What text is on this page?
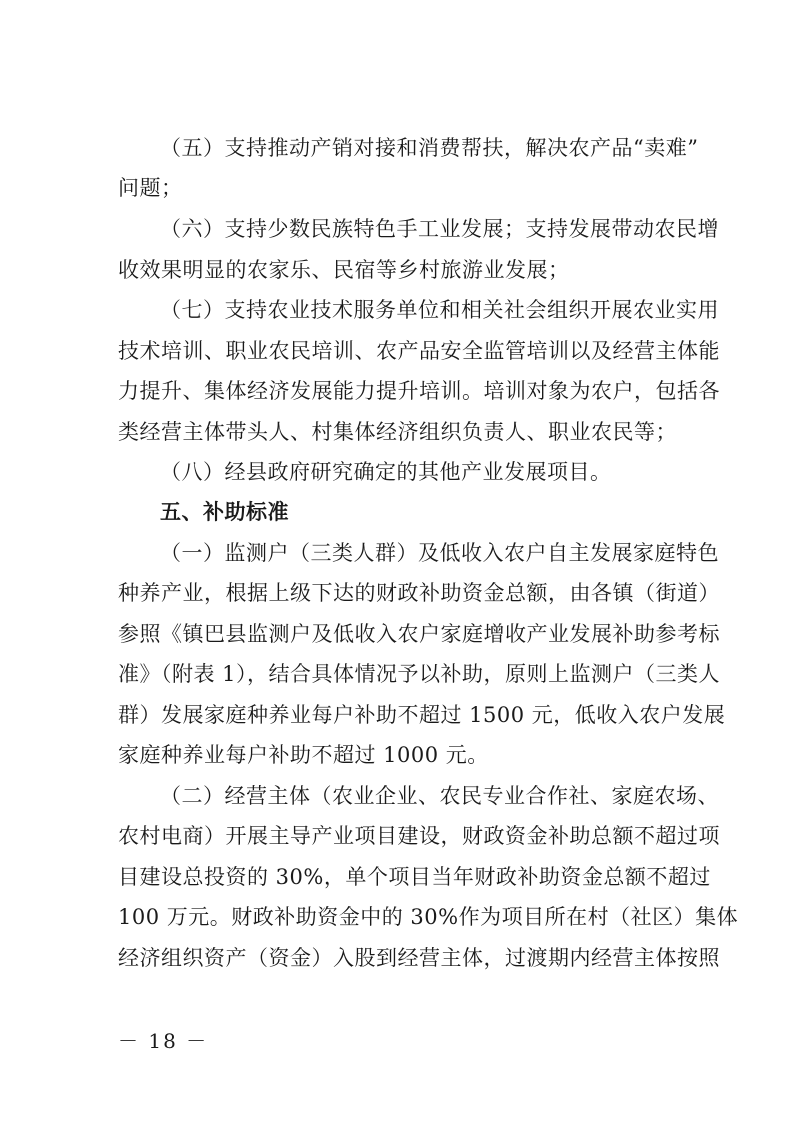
（五）支持推动产销对接和消费帮扶，解决农产品“卖难”
问题；
（六）支持少数民族特色手工业发展；支持发展带动农民增
收效果明显的农家乐、民宿等乡村旅游业发展；
（七）支持农业技术服务单位和相关社会组织开展农业实用
技术培训、职业农民培训、农产品安全监管培训以及经营主体能
力提升、集体经济发展能力提升培训。培训对象为农户，包括各
类经营主体带头人、村集体经济组织负责人、职业农民等；
（八）经县政府研究确定的其他产业发展项目。
五、补助标准
（一）监测户（三类人群）及低收入农户自主发展家庭特色
种养产业，根据上级下达的财政补助资金总额，由各镇（街道）
参照《镇巴县监测户及低收入农户家庭增收产业发展补助参考标
准》（附表 1），结合具体情况予以补助，原则上监测户（三类人
群）发展家庭种养业每户补助不超过 1500 元，低收入农户发展
家庭种养业每户补助不超过 1000 元。
（二）经营主体（农业企业、农民专业合作社、家庭农场、
农村电商）开展主导产业项目建设，财政资金补助总额不超过项
目建设总投资的 30%，单个项目当年财政补助资金总额不超过
100 万元。财政补助资金中的 30%作为项目所在村（社区）集体
经济组织资产（资金）入股到经营主体，过渡期内经营主体按照
－ 18 －
